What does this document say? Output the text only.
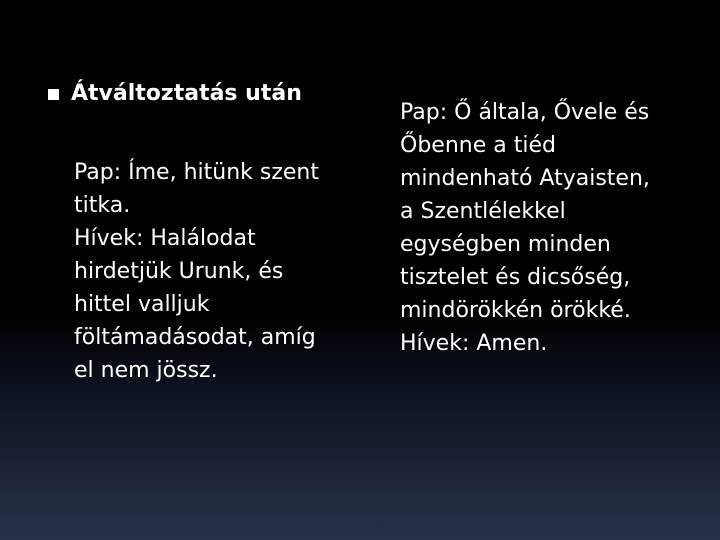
Átváltoztatás után
Pap: Íme, hitünk szent
titka.
Hívek: Halálodat
hirdetjük Urunk, és
hittel valljuk
föltámadásodat, amíg
el nem jössz.
Pap: Ő általa, Ővele és
Őbenne a tiéd
mindenható Atyaisten,
a Szentlélekkel
egységben minden
tisztelet és dicsőség,
mindörökkén örökké.
Hívek: Amen.
